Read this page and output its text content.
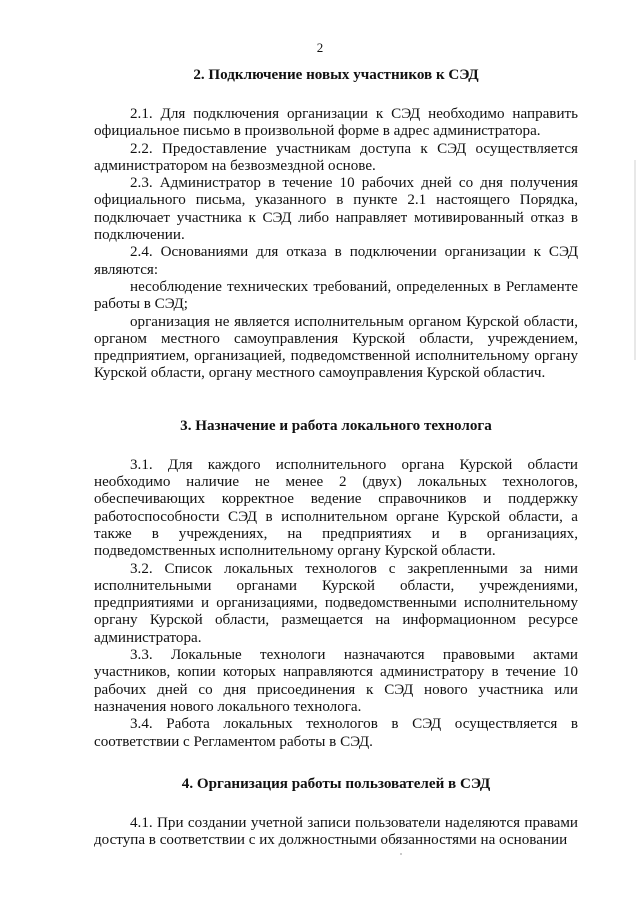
2
2. Подключение новых участников к СЭД

2.1. Для подключения организации к СЭД необходимо направить официальное письмо в произвольной форме в адрес администратора.

2.2. Предоставление участникам доступа к СЭД осуществляется администратором на безвозмездной основе.

2.3. Администратор в течение 10 рабочих дней со дня получения официального письма, указанного в пункте 2.1 настоящего Порядка, подключает участника к СЭД либо направляет мотивированный отказ в подключении.

2.4. Основаниями для отказа в подключении организации к СЭД являются:

несоблюдение технических требований, определенных в Регламенте работы в СЭД;

организация не является исполнительным органом Курской области, органом местного самоуправления Курской области, учреждением, предприятием, организацией, подведомственной исполнительному органу Курской области, органу местного самоуправления Курской областич.

3. Назначение и работа локального технолога

3.1. Для каждого исполнительного органа Курской области необходимо наличие не менее 2 (двух) локальных технологов, обеспечивающих корректное ведение справочников и поддержку работоспособности СЭД в исполнительном органе Курской области, а также в учреждениях, на предприятиях и в организациях, подведомственных исполнительному органу Курской области.

3.2. Список локальных технологов с закрепленными за ними исполнительными органами Курской области, учреждениями, предприятиями и организациями, подведомственными исполнительному органу Курской области, размещается на информационном ресурсе администратора.

3.3. Локальные технологи назначаются правовыми актами участников, копии которых направляются администратору в течение 10 рабочих дней со дня присоединения к СЭД нового участника или назначения нового локального технолога.

3.4. Работа локальных технологов в СЭД осуществляется в соответствии с Регламентом работы в СЭД.

4. Организация работы пользователей в СЭД

4.1. При создании учетной записи пользователи наделяются правами доступа в соответствии с их должностными обязанностями на основании
